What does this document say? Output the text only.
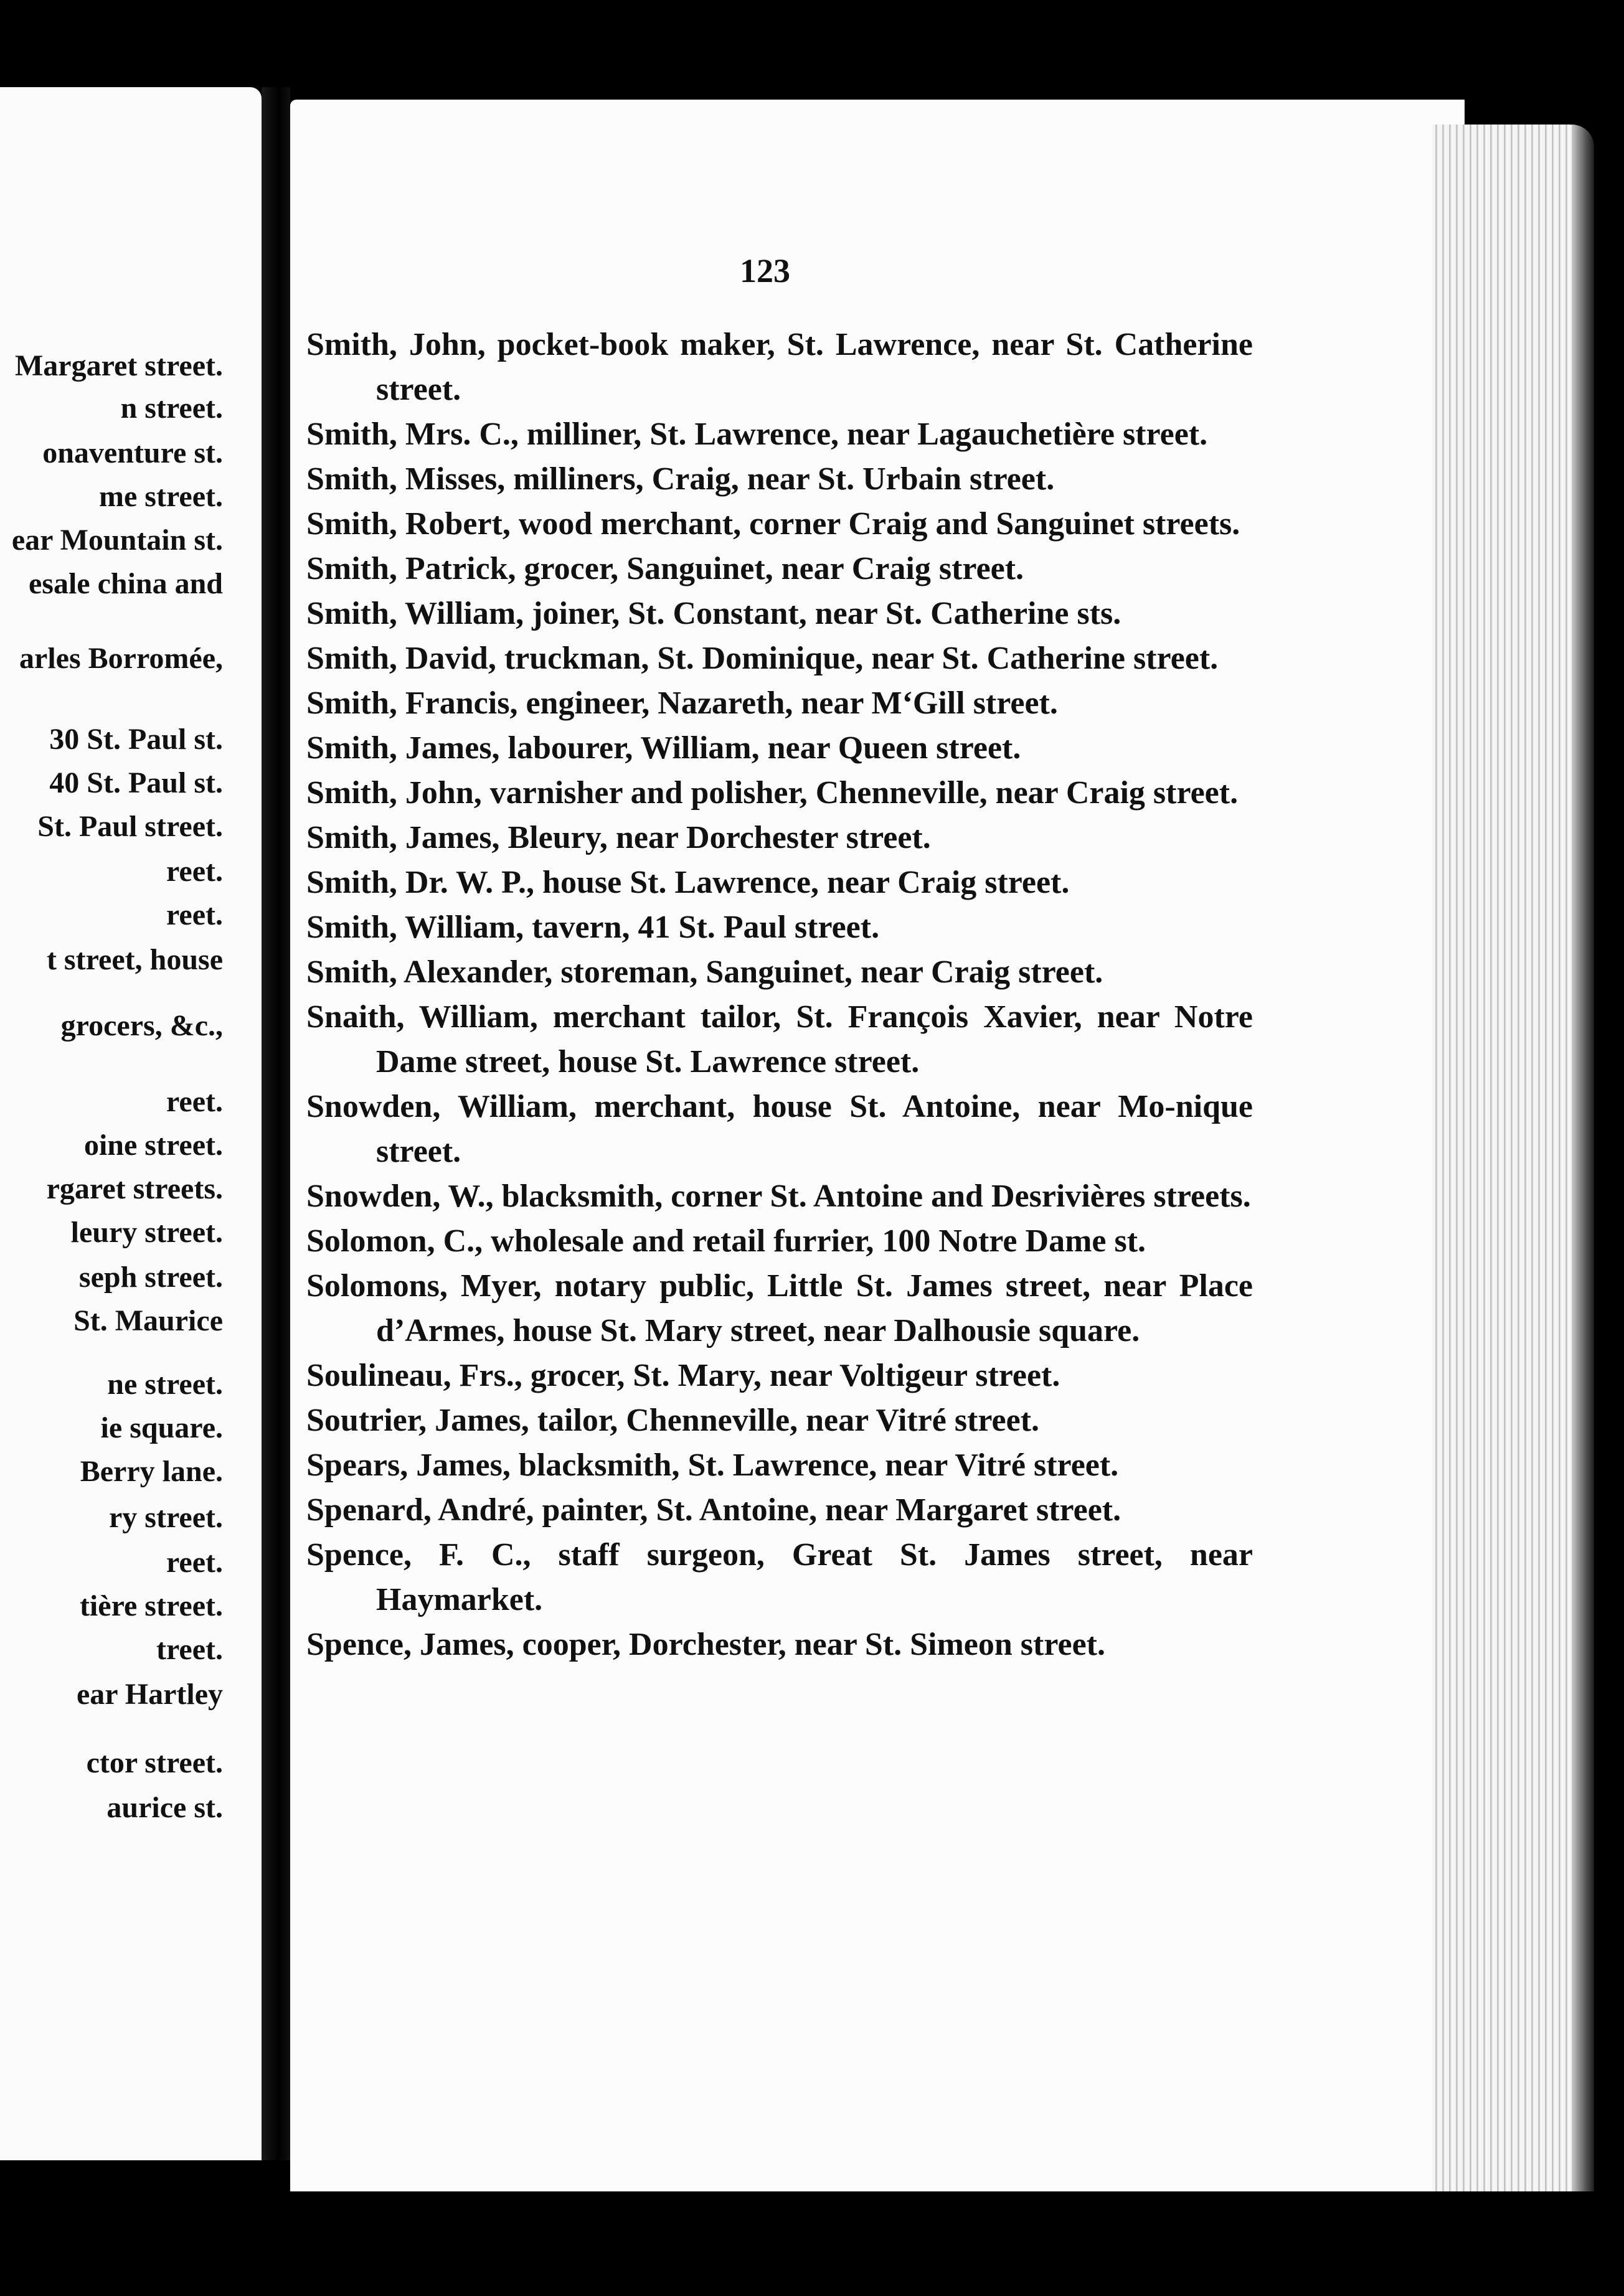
Margaret street.
n street.
onaventure st.
me street.
ear Mountain st.
esale china and
arles Borromée,
30 St. Paul st.
40 St. Paul st.
St. Paul street.
reet.
reet.
t street, house
grocers, &c.,
reet.
oine street.
rgaret streets.
leury street.
seph street.
St. Maurice
ne street.
ie square.
Berry lane.
ry street.
reet.
tière street.
treet.
ear Hartley
ctor street.
aurice st.
123

Smith, John, pocket-book maker, St. Lawrence, near St. Catherine street.

Smith, Mrs. C., milliner, St. Lawrence, near Lagauchetière street.

Smith, Misses, milliners, Craig, near St. Urbain street.

Smith, Robert, wood merchant, corner Craig and Sanguinet streets.

Smith, Patrick, grocer, Sanguinet, near Craig street.

Smith, William, joiner, St. Constant, near St. Catherine sts.

Smith, David, truckman, St. Dominique, near St. Catherine street.

Smith, Francis, engineer, Nazareth, near M‘Gill street.

Smith, James, labourer, William, near Queen street.

Smith, John, varnisher and polisher, Chenneville, near Craig street.

Smith, James, Bleury, near Dorchester street.

Smith, Dr. W. P., house St. Lawrence, near Craig street.

Smith, William, tavern, 41 St. Paul street.

Smith, Alexander, storeman, Sanguinet, near Craig street.

Snaith, William, merchant tailor, St. François Xavier, near Notre Dame street, house St. Lawrence street.

Snowden, William, merchant, house St. Antoine, near Mo-nique street.

Snowden, W., blacksmith, corner St. Antoine and Desrivières streets.

Solomon, C., wholesale and retail furrier, 100 Notre Dame st.

Solomons, Myer, notary public, Little St. James street, near Place d’Armes, house St. Mary street, near Dalhousie square.

Soulineau, Frs., grocer, St. Mary, near Voltigeur street.

Soutrier, James, tailor, Chenneville, near Vitré street.

Spears, James, blacksmith, St. Lawrence, near Vitré street.

Spenard, André, painter, St. Antoine, near Margaret street.

Spence, F. C., staff surgeon, Great St. James street, near Haymarket.

Spence, James, cooper, Dorchester, near St. Simeon street.
